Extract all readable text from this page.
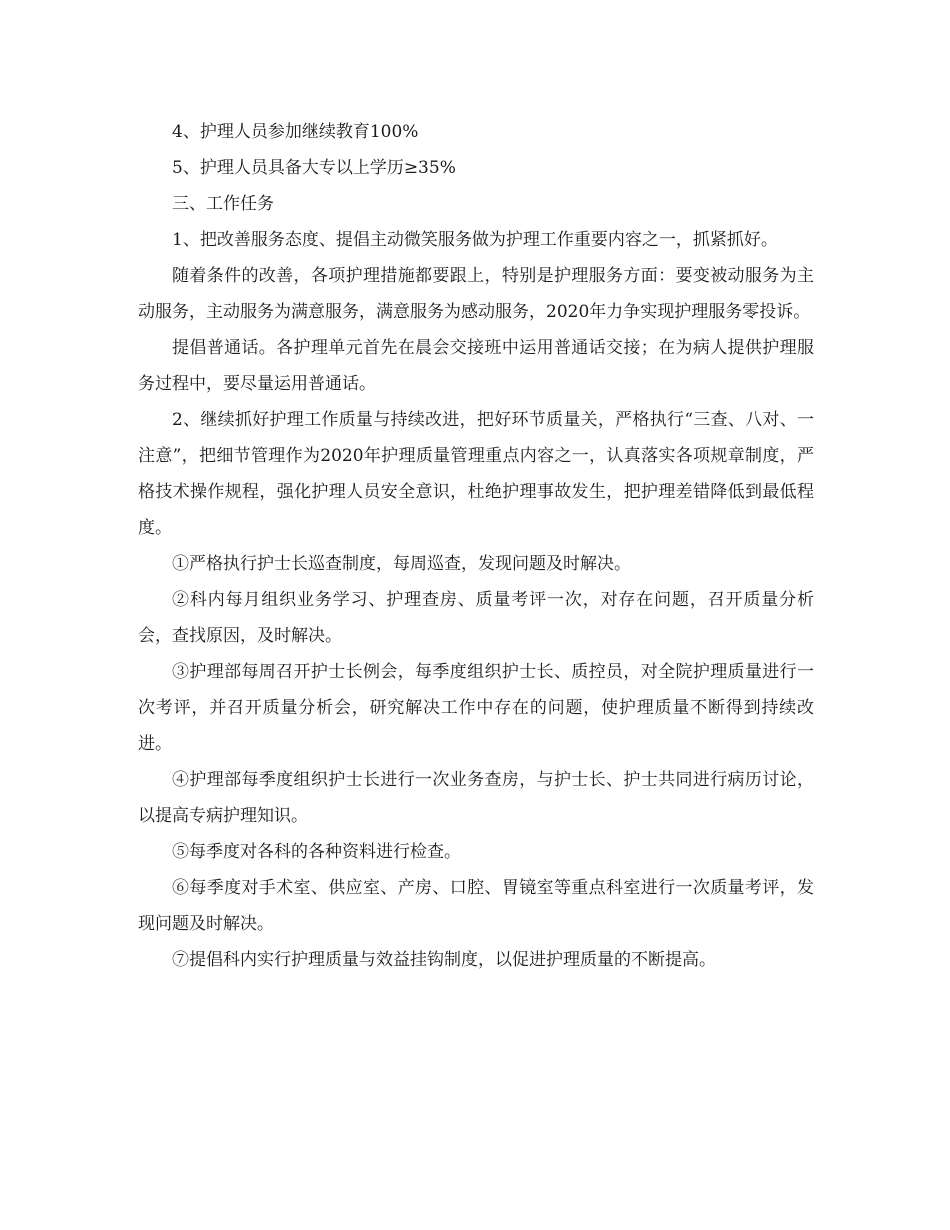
4、护理人员参加继续教育100%

5、护理人员具备大专以上学历≥35%

三、工作任务

1、把改善服务态度、提倡主动微笑服务做为护理工作重要内容之一，抓紧抓好。

随着条件的改善，各项护理措施都要跟上，特别是护理服务方面：要变被动服务为主动服务，主动服务为满意服务，满意服务为感动服务，2020年力争实现护理服务零投诉。

提倡普通话。各护理单元首先在晨会交接班中运用普通话交接；在为病人提供护理服务过程中，要尽量运用普通话。

2、继续抓好护理工作质量与持续改进，把好环节质量关，严格执行“三查、八对、一注意”，把细节管理作为2020年护理质量管理重点内容之一，认真落实各项规章制度，严格技术操作规程，强化护理人员安全意识，杜绝护理事故发生，把护理差错降低到最低程度。

①严格执行护士长巡查制度，每周巡查，发现问题及时解决。

②科内每月组织业务学习、护理查房、质量考评一次，对存在问题，召开质量分析会，查找原因，及时解决。

③护理部每周召开护士长例会，每季度组织护士长、质控员，对全院护理质量进行一次考评，并召开质量分析会，研究解决工作中存在的问题，使护理质量不断得到持续改进。

④护理部每季度组织护士长进行一次业务查房，与护士长、护士共同进行病历讨论，以提高专病护理知识。

⑤每季度对各科的各种资料进行检查。

⑥每季度对手术室、供应室、产房、口腔、胃镜室等重点科室进行一次质量考评，发现问题及时解决。

⑦提倡科内实行护理质量与效益挂钩制度，以促进护理质量的不断提高。
